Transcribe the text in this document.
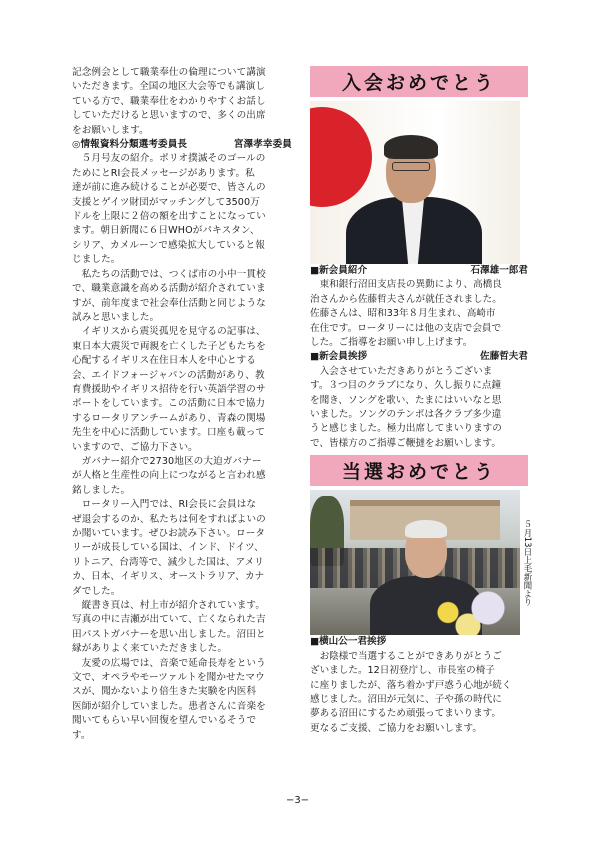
記念例会として職業奉仕の倫理について講演

いただきます。全国の地区大会等でも講演し

ている方で、職業奉仕をわかりやすくお話し

していただけると思いますので、多くの出席

をお願いします。

◎情報資料分類選考委員長	宮澤孝幸委員

５月号友の紹介。ポリオ撲滅そのゴールの

ためにとRI会長メッセージがあります。私

達が前に進み続けることが必要で、皆さんの

支援とゲイツ財団がマッチングして3500万

ドルを上限に２倍の額を出すことになってい

ます。朝日新聞に６日WHOがパキスタン、

シリア、カメルーンで感染拡大していると報

じました。

私たちの活動では、つくば市の小中一貫校

で、職業意識を高める活動が紹介されていま

すが、前年度まで社会奉仕活動と同じような

試みと思いました。

イギリスから震災孤児を見守るの記事は、

東日本大震災で両親を亡くした子どもたちを

心配するイギリス在住日本人を中心とする

会、エイドフォージャパンの活動があり、教

育費援助やイギリス招待を行い英語学習のサ

ポートをしています。この活動に日本で協力

するロータリアンチームがあり、青森の関場

先生を中心に活動しています。口座も載って

いますので、ご協力下さい。

ガバナー紹介で2730地区の大迫ガバナー

が人格と生産性の向上につながると言われ感

銘しました。

ロータリー入門では、RI会長に会員はな

ぜ退会するのか、私たちは何をすればよいの

か聞いています。ぜひお読み下さい。ロータ

リーが成長している国は、インド、ドイツ、

リトニア、台湾等で、減少した国は、アメリ

カ、日本、イギリス、オーストラリア、カナ

ダでした。

縦書き頁は、村上市が紹介されています。

写真の中に吉瀬が出ていて、亡くなられた吉

田パストガバナーを思い出しました。沼田と

縁がありよく来ていただきました。

友愛の広場では、音楽で延命長寿をという

文で、オペラやモーツァルトを聞かせたマウ

スが、聞かないより倍生きた実験を内医科

医師が紹介していました。患者さんに音楽を

聞いてもらい早い回復を望んでいるそうで

す。

入会おめでとう
■新会員紹介	石澤雄一郎君

東和銀行沼田支店長の異動により、高橋良

治さんから佐藤哲夫さんが就任されました。

佐藤さんは、昭和33年８月生まれ、高崎市

在住です。ロータリーには他の支店で会員で

した。ご指導をお願い申し上げます。

■新会員挨拶	佐藤哲夫君

入会させていただきありがとうございま

す。３つ目のクラブになり、久し振りに点鐘

を聞き、ソングを歌い、たまにはいいなと思

いました。ソングのテンポは各クラブ多少違

うと感じました。極力出席してまいりますの

で、皆様方のご指導ご鞭撻をお願いします。

当選おめでとう
５月13日上毛新聞より
■横山公一君挨拶

お陰様で当選することができありがとうご

ざいました。12日初登庁し、市長室の椅子

に座りましたが、落ち着かず戸惑う心地が続く

感じました。沼田が元気に、子や孫の時代に

夢ある沼田にするため頑張ってまいります。

更なるご支援、ご協力をお願いします。

−3−
